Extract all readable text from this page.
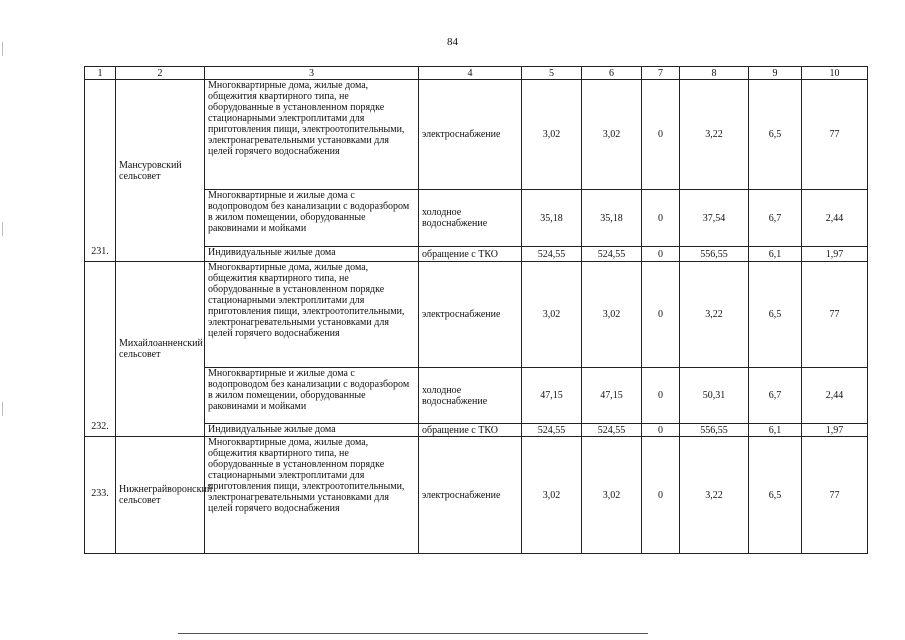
84
1	2	3	4	5	6	7	8	9	10
231.	Мансуровский сельсовет	Многоквартирные дома, жилые дома, общежития квартирного типа, не оборудованные в установленном порядке стационарными электроплитами для приготовления пищи, электроотопительными, электронагревательными установками для целей горячего водоснабжения	электроснабжение	3,02	3,02	0	3,22	6,5	77
		Многоквартирные и жилые дома с водопроводом без канализации с водоразбором в жилом помещении, оборудованные раковинами и мойками	холодное водоснабжение	35,18	35,18	0	37,54	6,7	2,44
		Индивидуальные жилые дома	обращение с ТКО	524,55	524,55	0	556,55	6,1	1,97
232.	Михайлоанненский сельсовет	Многоквартирные дома, жилые дома, общежития квартирного типа, не оборудованные в установленном порядке стационарными электроплитами для приготовления пищи, электроотопительными, электронагревательными установками для целей горячего водоснабжения	электроснабжение	3,02	3,02	0	3,22	6,5	77
		Многоквартирные и жилые дома с водопроводом без канализации с водоразбором в жилом помещении, оборудованные раковинами и мойками	холодное водоснабжение	47,15	47,15	0	50,31	6,7	2,44
		Индивидуальные жилые дома	обращение с ТКО	524,55	524,55	0	556,55	6,1	1,97
233.	Нижнеграйворонский сельсовет	Многоквартирные дома, жилые дома, общежития квартирного типа, не оборудованные в установленном порядке стационарными электроплитами для приготовления пищи, электроотопительными, электронагревательными установками для целей горячего водоснабжения	электроснабжение	3,02	3,02	0	3,22	6,5	77
